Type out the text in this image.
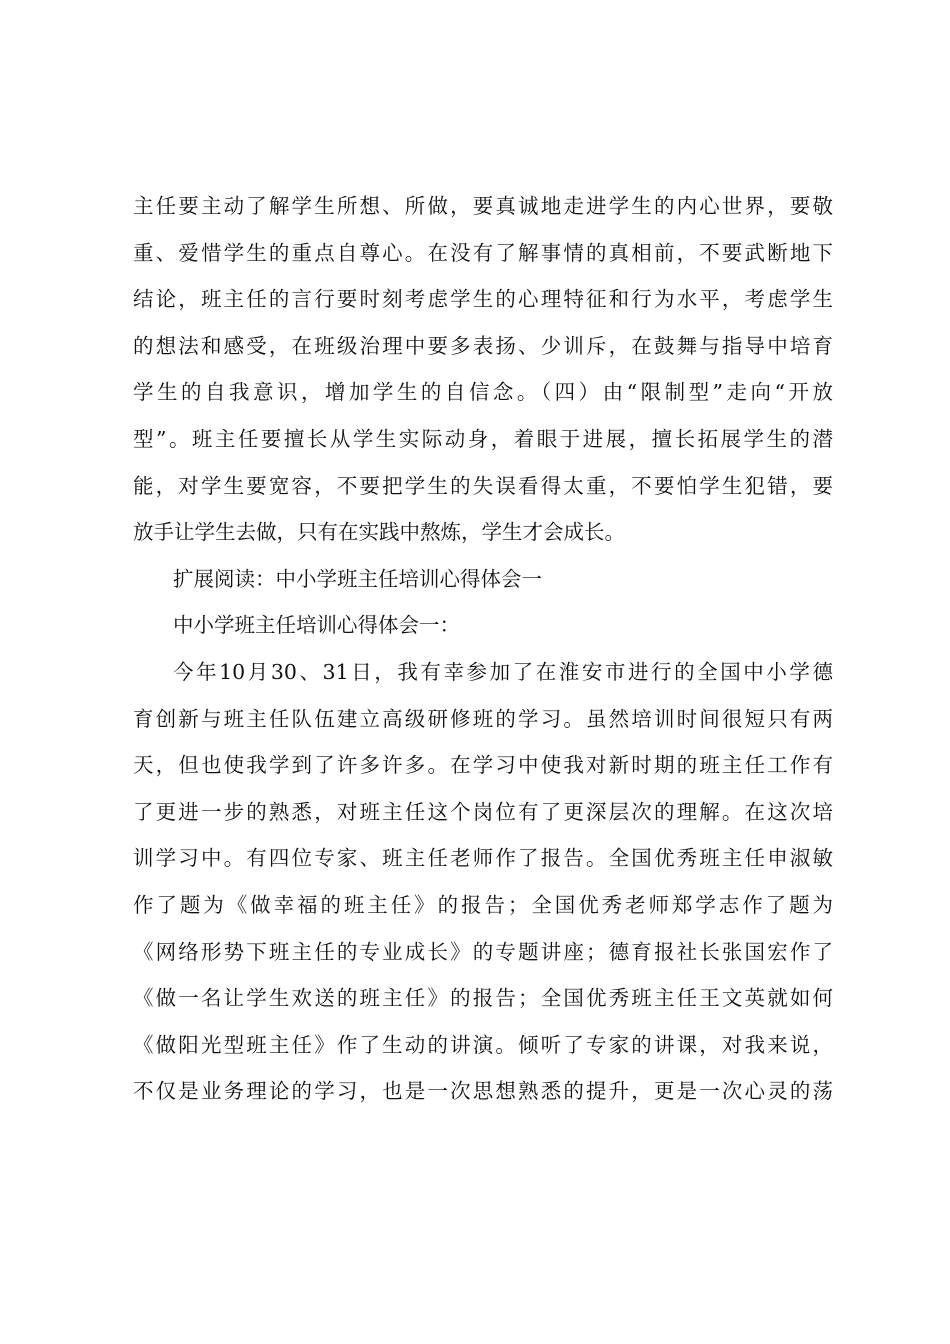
主任要主动了解学生所想、所做，要真诚地走进学生的内心世界，要敬
重、爱惜学生的重点自尊心。在没有了解事情的真相前，不要武断地下
结论，班主任的言行要时刻考虑学生的心理特征和行为水平，考虑学生
的想法和感受，在班级治理中要多表扬、少训斥，在鼓舞与指导中培育
学生的自我意识，增加学生的自信念。（四）由“限制型”走向“开放
型”。班主任要擅长从学生实际动身，着眼于进展，擅长拓展学生的潜
能，对学生要宽容，不要把学生的失误看得太重，不要怕学生犯错，要
放手让学生去做，只有在实践中熬炼，学生才会成长。
扩展阅读：中小学班主任培训心得体会一
中小学班主任培训心得体会一：
今年10月30、31日，我有幸参加了在淮安市进行的全国中小学德
育创新与班主任队伍建立高级研修班的学习。虽然培训时间很短只有两
天，但也使我学到了许多许多。在学习中使我对新时期的班主任工作有
了更进一步的熟悉，对班主任这个岗位有了更深层次的理解。在这次培
训学习中。有四位专家、班主任老师作了报告。全国优秀班主任申淑敏
作了题为《做幸福的班主任》的报告；全国优秀老师郑学志作了题为
《网络形势下班主任的专业成长》的专题讲座；德育报社长张国宏作了
《做一名让学生欢送的班主任》的报告；全国优秀班主任王文英就如何
《做阳光型班主任》作了生动的讲演。倾听了专家的讲课，对我来说，
不仅是业务理论的学习，也是一次思想熟悉的提升，更是一次心灵的荡
